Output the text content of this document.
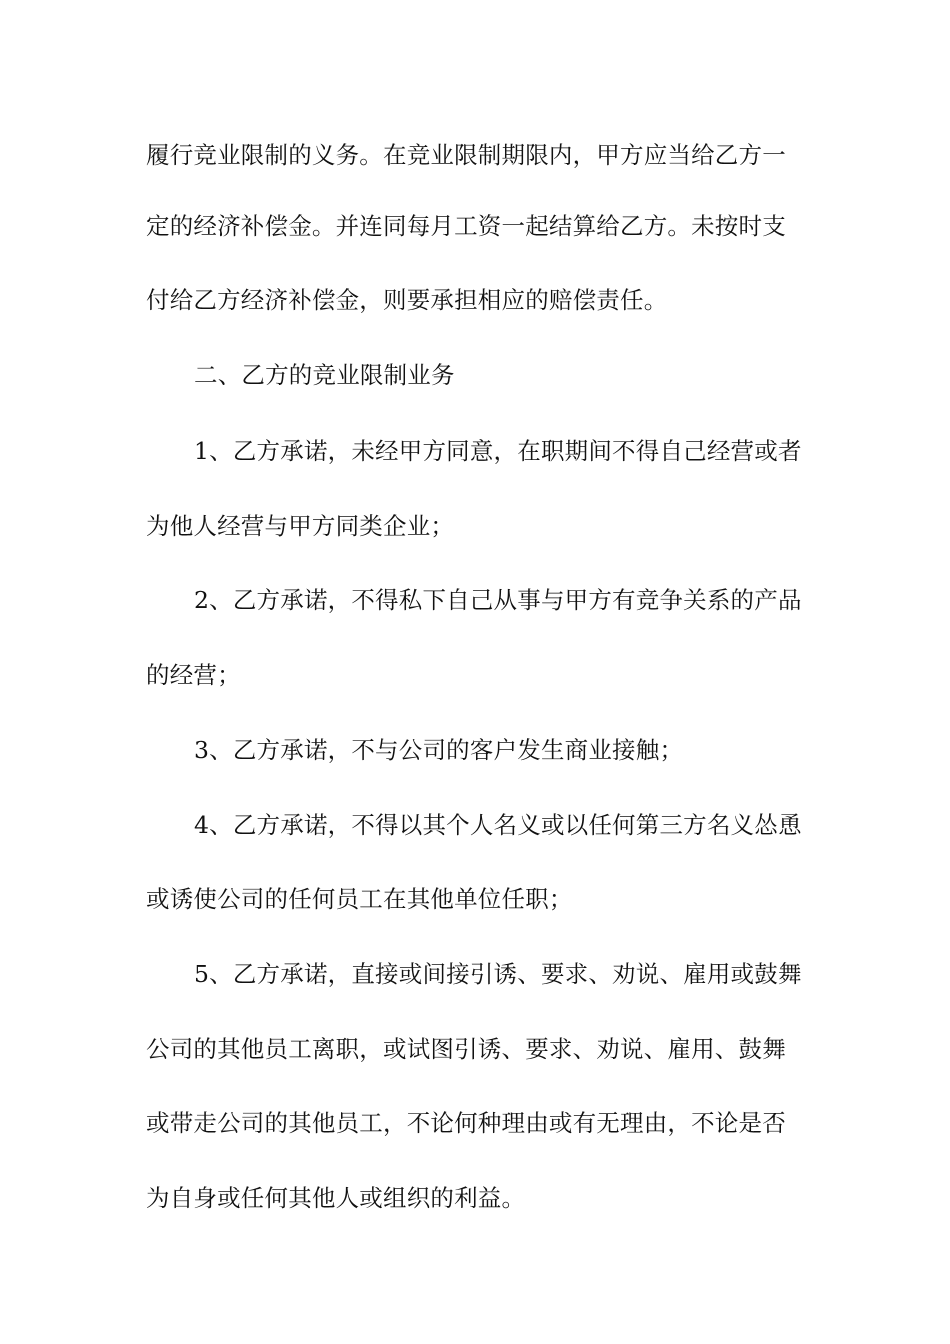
履行竞业限制的义务。在竞业限制期限内，甲方应当给乙方一
定的经济补偿金。并连同每月工资一起结算给乙方。未按时支
付给乙方经济补偿金，则要承担相应的赔偿责任。
二、乙方的竞业限制业务
1、乙方承诺，未经甲方同意，在职期间不得自己经营或者
为他人经营与甲方同类企业；
2、乙方承诺，不得私下自己从事与甲方有竞争关系的产品
的经营；
3、乙方承诺，不与公司的客户发生商业接触；
4、乙方承诺，不得以其个人名义或以任何第三方名义怂恿
或诱使公司的任何员工在其他单位任职；
5、乙方承诺，直接或间接引诱、要求、劝说、雇用或鼓舞
公司的其他员工离职，或试图引诱、要求、劝说、雇用、鼓舞
或带走公司的其他员工，不论何种理由或有无理由，不论是否
为自身或任何其他人或组织的利益。
